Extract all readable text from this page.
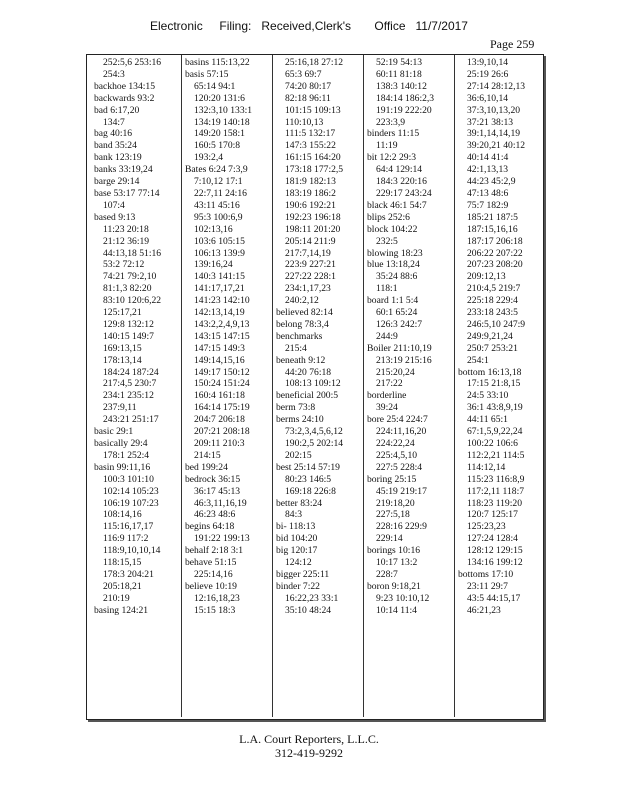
Electronic     Filing:   Received,Clerk's       Office   11/7/2017
Page 259
252:5,6 253:16
254:3
backhoe 134:15
backwards 93:2
bad 6:17,20
134:7
bag 40:16
band 35:24
bank 123:19
banks 33:19,24
barge 29:14
base 53:17 77:14
107:4
based 9:13
11:23 20:18
21:12 36:19
44:13,18 51:16
53:2 72:12
74:21 79:2,10
81:1,3 82:20
83:10 120:6,22
125:17,21
129:8 132:12
140:15 149:7
169:13,15
178:13,14
184:24 187:24
217:4,5 230:7
234:1 235:12
237:9,11
243:21 251:17
basic 29:1
basically 29:4
178:1 252:4
basin 99:11,16
100:3 101:10
102:14 105:23
106:19 107:23
108:14,16
115:16,17,17
116:9 117:2
118:9,10,10,14
118:15,15
178:3 204:21
205:18,21
210:19
basing 124:21
basins 115:13,22
basis 57:15
65:14 94:1
120:20 131:6
132:3,10 133:1
134:19 140:18
149:20 158:1
160:5 170:8
193:2,4
Bates 6:24 7:3,9
7:10,12 17:1
22:7,11 24:16
43:11 45:16
95:3 100:6,9
102:13,16
103:6 105:15
106:13 139:9
139:16,24
140:3 141:15
141:17,17,21
141:23 142:10
142:13,14,19
143:2,2,4,9,13
143:15 147:15
147:15 149:3
149:14,15,16
149:17 150:12
150:24 151:24
160:4 161:18
164:14 175:19
204:7 206:18
207:21 208:18
209:11 210:3
214:15
bed 199:24
bedrock 36:15
36:17 45:13
46:3,11,16,19
46:23 48:6
begins 64:18
191:22 199:13
behalf 2:18 3:1
behave 51:15
225:14,16
believe 10:19
12:16,18,23
15:15 18:3
25:16,18 27:12
65:3 69:7
74:20 80:17
82:18 96:11
101:15 109:13
110:10,13
111:5 132:17
147:3 155:22
161:15 164:20
173:18 177:2,5
181:9 182:13
183:19 186:2
190:6 192:21
192:23 196:18
198:11 201:20
205:14 211:9
217:7,14,19
223:9 227:21
227:22 228:1
234:1,17,23
240:2,12
believed 82:14
belong 78:3,4
benchmarks
215:4
beneath 9:12
44:20 76:18
108:13 109:12
beneficial 200:5
berm 73:8
berms 24:10
73:2,3,4,5,6,12
190:2,5 202:14
202:15
best 25:14 57:19
80:23 146:5
169:18 226:8
better 83:24
84:3
bi- 118:13
bid 104:20
big 120:17
124:12
bigger 225:11
binder 7:22
16:22,23 33:1
35:10 48:24
52:19 54:13
60:11 81:18
138:3 140:12
184:14 186:2,3
191:19 222:20
223:3,9
binders 11:15
11:19
bit 12:2 29:3
64:4 129:14
184:3 220:16
229:17 243:24
black 46:1 54:7
blips 252:6
block 104:22
232:5
blowing 18:23
blue 13:18,24
35:24 88:6
118:1
board 1:1 5:4
60:1 65:24
126:3 242:7
244:9
Boiler 211:10,19
213:19 215:16
215:20,24
217:22
borderline
39:24
bore 25:4 224:7
224:11,16,20
224:22,24
225:4,5,10
227:5 228:4
boring 25:15
45:19 219:17
219:18,20
227:5,18
228:16 229:9
229:14
borings 10:16
10:17 13:2
228:7
boron 9:18,21
9:23 10:10,12
10:14 11:4
13:9,10,14
25:19 26:6
27:14 28:12,13
36:6,10,14
37:3,10,13,20
37:21 38:13
39:1,14,14,19
39:20,21 40:12
40:14 41:4
42:1,13,13
44:23 45:2,9
47:13 48:6
75:7 182:9
185:21 187:5
187:15,16,16
187:17 206:18
206:22 207:22
207:23 208:20
209:12,13
210:4,5 219:7
225:18 229:4
233:18 243:5
246:5,10 247:9
249:9,21,24
250:7 253:21
254:1
bottom 16:13,18
17:15 21:8,15
24:5 33:10
36:1 43:8,9,19
44:11 65:1
67:1,5,9,22,24
100:22 106:6
112:2,21 114:5
114:12,14
115:23 116:8,9
117:2,11 118:7
118:23 119:20
120:7 125:17
125:23,23
127:24 128:4
128:12 129:15
134:16 199:12
bottoms 17:10
23:11 29:7
43:5 44:15,17
46:21,23
L.A. Court Reporters, L.L.C.
312-419-9292
